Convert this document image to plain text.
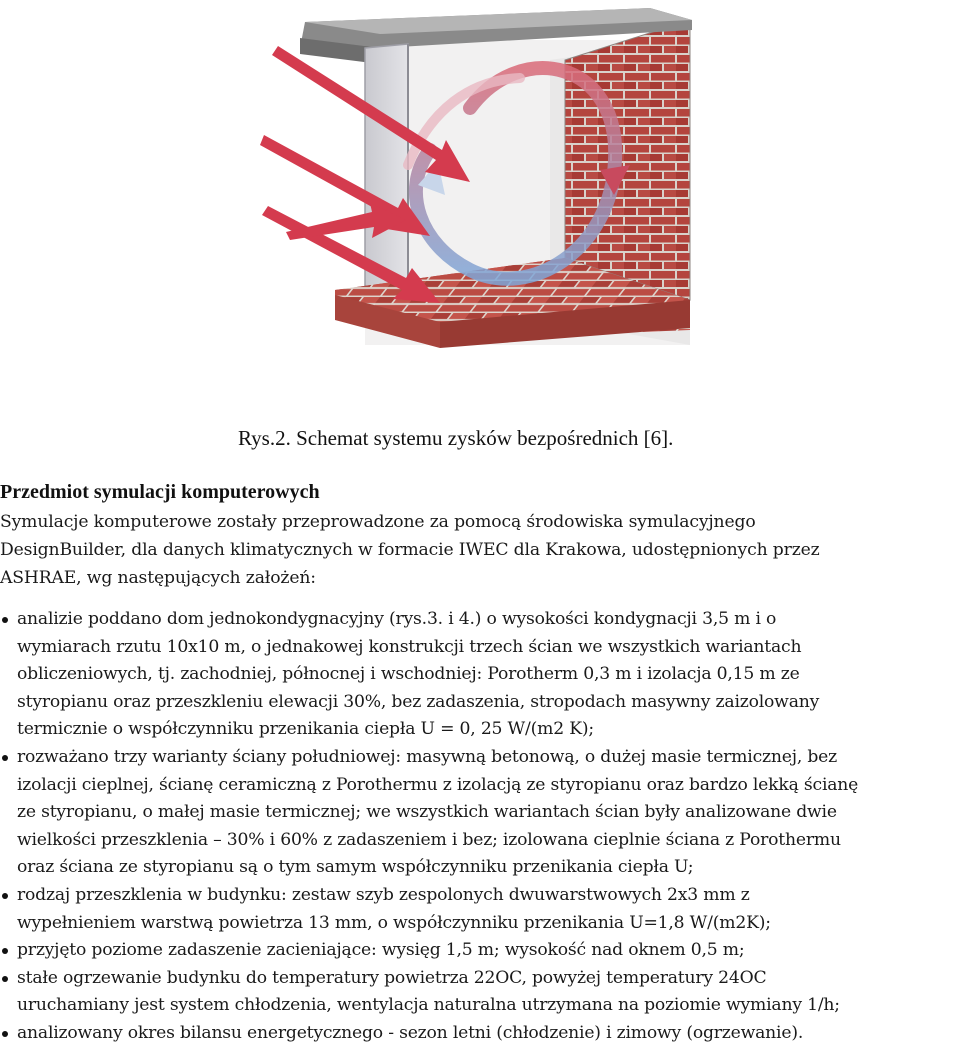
Rys.2. Schemat systemu zysków bezpośrednich [6].
Przedmiot symulacji komputerowych
Symulacje komputerowe zostały przeprowadzone za pomocą środowiska symulacyjnego
DesignBuilder, dla danych klimatycznych w formacie IWEC dla Krakowa, udostępnionych przez
ASHRAE, wg następujących założeń:
analizie poddano dom jednokondygnacyjny (rys.3. i 4.) o wysokości kondygnacji 3,5 m i o
wymiarach rzutu 10x10 m, o jednakowej konstrukcji trzech ścian we wszystkich wariantach
obliczeniowych, tj. zachodniej, północnej i wschodniej: Porotherm 0,3 m i izolacja 0,15 m ze
styropianu oraz przeszkleniu elewacji 30%, bez zadaszenia, stropodach masywny zaizolowany
termicznie o współczynniku przenikania ciepła U = 0, 25 W/(m2 K);
rozważano trzy warianty ściany południowej: masywną betonową, o dużej masie termicznej, bez
izolacji cieplnej, ścianę ceramiczną z Porothermu z izolacją ze styropianu oraz bardzo lekką ścianę
ze styropianu, o małej masie termicznej; we wszystkich wariantach ścian były analizowane dwie
wielkości przeszklenia – 30% i 60% z zadaszeniem i bez; izolowana cieplnie ściana z Porothermu
oraz ściana ze styropianu są o tym samym współczynniku przenikania ciepła U;
rodzaj przeszklenia w budynku: zestaw szyb zespolonych dwuwarstwowych 2x3 mm z
wypełnieniem warstwą powietrza 13 mm, o współczynniku przenikania U=1,8 W/(m2K);
przyjęto poziome zadaszenie zacieniające: wysięg 1,5 m; wysokość nad oknem 0,5 m;
stałe ogrzewanie budynku do temperatury powietrza 22OC, powyżej temperatury 24OC
uruchamiany jest system chłodzenia, wentylacja naturalna utrzymana na poziomie wymiany 1/h;
analizowany okres bilansu energetycznego - sezon letni (chłodzenie) i zimowy (ogrzewanie).
